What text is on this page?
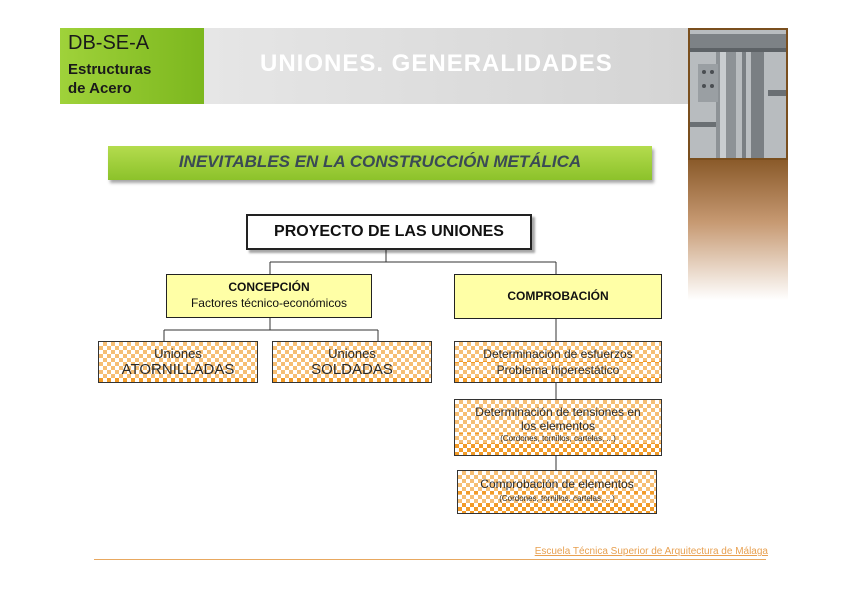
DB-SE-A
Estructuras
de Acero
UNIONES. GENERALIDADES
INEVITABLES EN LA CONSTRUCCIÓN METÁLICA
PROYECTO DE LAS UNIONES
CONCEPCIÓN
Factores técnico-económicos	COMPROBACIÓN
Uniones
ATORNILLADAS
Uniones
SOLDADAS
Determinación de esfuerzos
Problema hiperestático
Determinación de tensiones en
los elementos
(Cordones, tornillos, cartelas, ...)
Comprobación de elementos
(Cordones, tornillos, cartelas, ...)
Escuela Técnica Superior de Arquitectura de Málaga
